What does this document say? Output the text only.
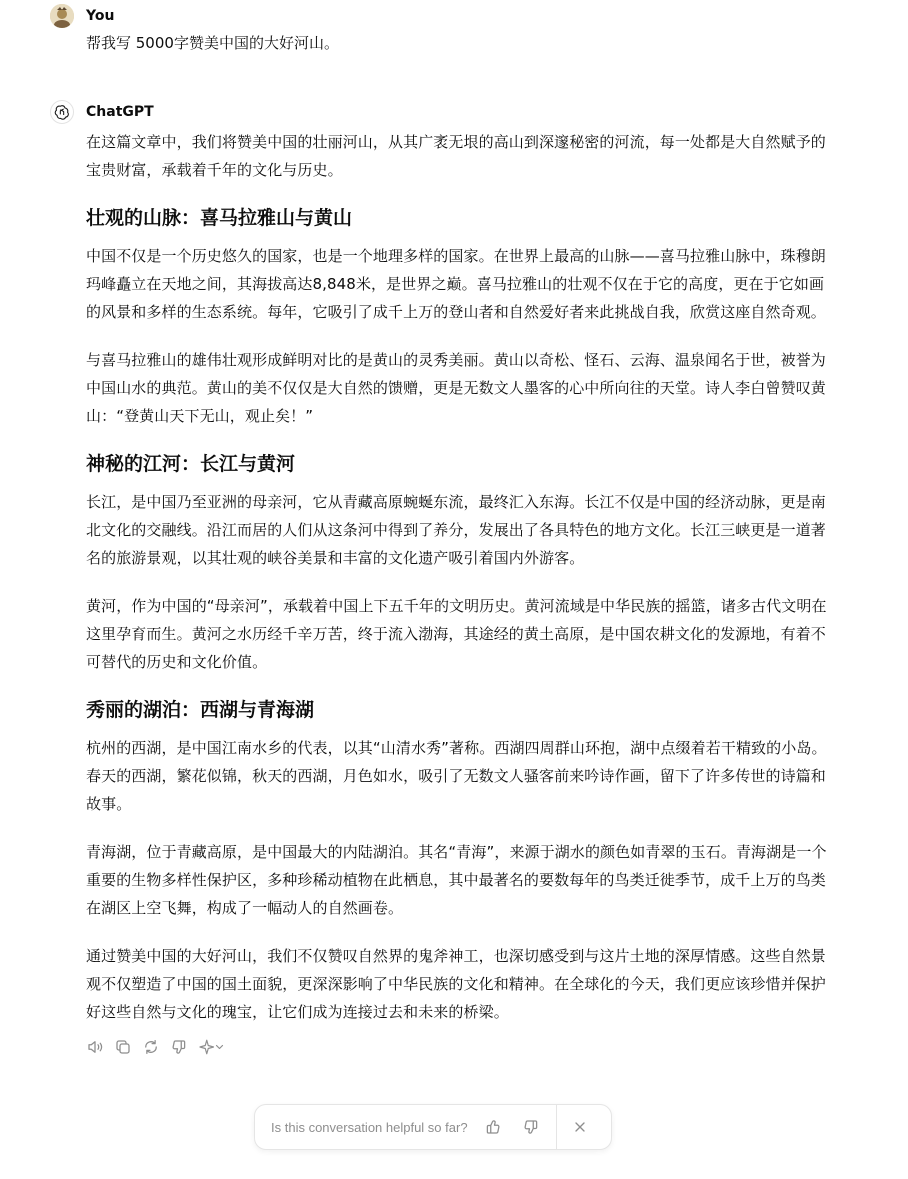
You
帮我写 5000字赞美中国的大好河山。
ChatGPT

在这篇文章中，我们将赞美中国的壮丽河山，从其广袤无垠的高山到深邃秘密的河流，每一处都是大自然赋予的宝贵财富，承载着千年的文化与历史。

壮观的山脉：喜马拉雅山与黄山

中国不仅是一个历史悠久的国家，也是一个地理多样的国家。在世界上最高的山脉——喜马拉雅山脉中，珠穆朗玛峰矗立在天地之间，其海拔高达8,848米，是世界之巅。喜马拉雅山的壮观不仅在于它的高度，更在于它如画的风景和多样的生态系统。每年，它吸引了成千上万的登山者和自然爱好者来此挑战自我，欣赏这座自然奇观。

与喜马拉雅山的雄伟壮观形成鲜明对比的是黄山的灵秀美丽。黄山以奇松、怪石、云海、温泉闻名于世，被誉为中国山水的典范。黄山的美不仅仅是大自然的馈赠，更是无数文人墨客的心中所向往的天堂。诗人李白曾赞叹黄山：“登黄山天下无山，观止矣！”

神秘的江河：长江与黄河

长江，是中国乃至亚洲的母亲河，它从青藏高原蜿蜒东流，最终汇入东海。长江不仅是中国的经济动脉，更是南北文化的交融线。沿江而居的人们从这条河中得到了养分，发展出了各具特色的地方文化。长江三峡更是一道著名的旅游景观，以其壮观的峡谷美景和丰富的文化遗产吸引着国内外游客。

黄河，作为中国的“母亲河”，承载着中国上下五千年的文明历史。黄河流域是中华民族的摇篮，诸多古代文明在这里孕育而生。黄河之水历经千辛万苦，终于流入渤海，其途经的黄土高原，是中国农耕文化的发源地，有着不可替代的历史和文化价值。

秀丽的湖泊：西湖与青海湖

杭州的西湖，是中国江南水乡的代表，以其“山清水秀”著称。西湖四周群山环抱，湖中点缀着若干精致的小岛。春天的西湖，繁花似锦，秋天的西湖，月色如水，吸引了无数文人骚客前来吟诗作画，留下了许多传世的诗篇和故事。

青海湖，位于青藏高原，是中国最大的内陆湖泊。其名“青海”，来源于湖水的颜色如青翠的玉石。青海湖是一个重要的生物多样性保护区，多种珍稀动植物在此栖息，其中最著名的要数每年的鸟类迁徙季节，成千上万的鸟类在湖区上空飞舞，构成了一幅动人的自然画卷。

通过赞美中国的大好河山，我们不仅赞叹自然界的鬼斧神工，也深切感受到与这片土地的深厚情感。这些自然景观不仅塑造了中国的国土面貌，更深深影响了中华民族的文化和精神。在全球化的今天，我们更应该珍惜并保护好这些自然与文化的瑰宝，让它们成为连接过去和未来的桥梁。

Is this conversation helpful so far?
